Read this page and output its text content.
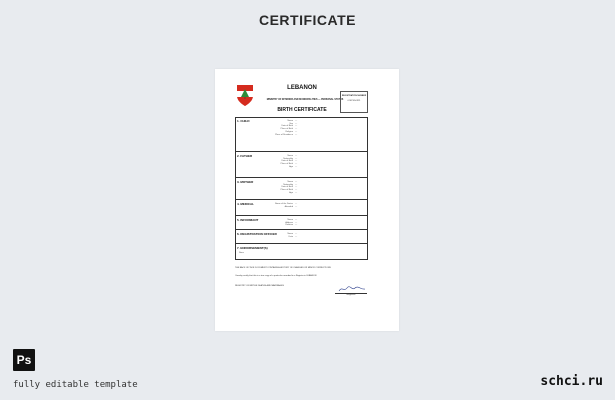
CERTIFICATE
LEBANON
MINISTRY OF INTERIOR AND MUNICIPALITIES — PERSONAL STATUS
BIRTH CERTIFICATE
REGISTRATION NUMBER
0 987 654 321
1. CHILD	Name —
Sex —
Date of Birth —
Place of Birth —
Religion —
Place of Residence —
2. FATHER	Name —
Nationality —
Date of Birth —
Place of Birth —
Age —
3. MOTHER	Name —
Nationality —
Date of Birth —
Place of Birth —
Age —
4. MEDICAL	Name of the Doctor —
Attended —
5. INFORMANT	Name —
Address —
Relation —
6. REGISTRATION OFFICER	Name —
Date —
7. ENDORSEMENT(S)
None
THE BACK OF THIS DOCUMENT CONTAINS A HISTORY OF CHANGES OR MINOR CORRECTIONS
I hereby certify that this is a true copy of a particular recorded in a Register in LEBANON
REGISTRY OF BIRTHS DEATHS AND MARRIAGES
Registrar
Ps
fully editable template	schci.ru
